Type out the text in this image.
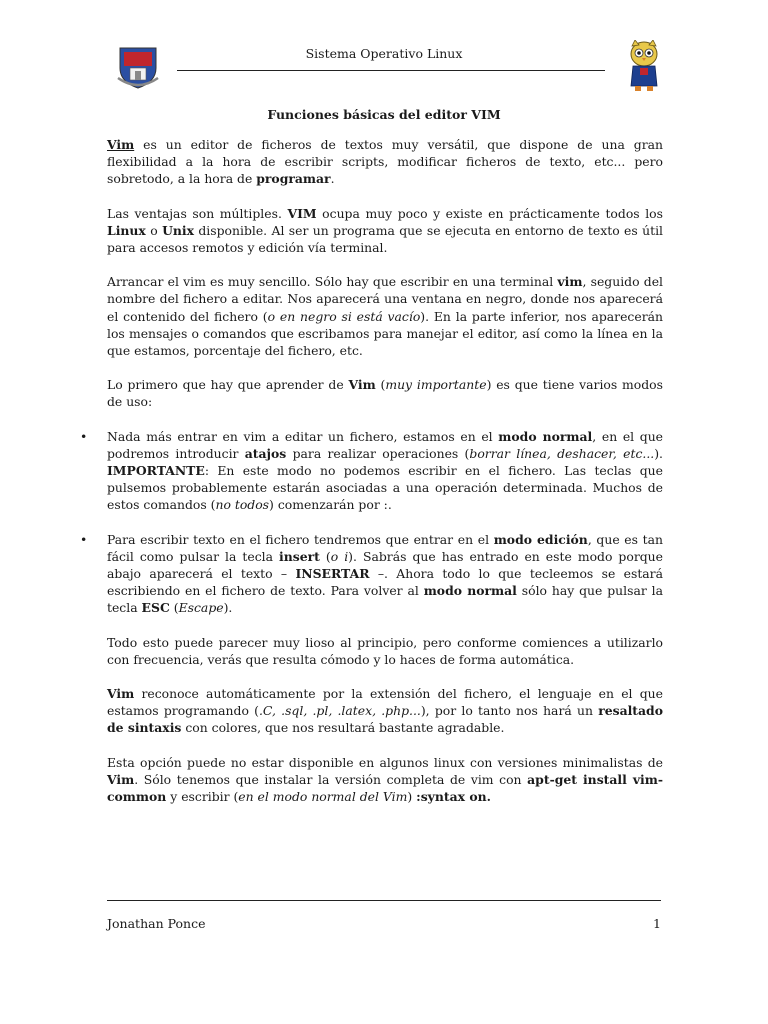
Sistema Operativo Linux
Funciones básicas del editor VIM

Vim es un editor de ficheros de textos muy versátil, que dispone de una gran flexibilidad a la hora de escribir scripts, modificar ficheros de texto, etc... pero sobretodo, a la hora de programar.

Las ventajas son múltiples. VIM ocupa muy poco y existe en prácticamente todos los Linux o Unix disponible. Al ser un programa que se ejecuta en entorno de texto es útil para accesos remotos y edición vía terminal.

Arrancar el vim es muy sencillo. Sólo hay que escribir en una terminal vim, seguido del nombre del fichero a editar. Nos aparecerá una ventana en negro, donde nos aparecerá el contenido del fichero (o en negro si está vacío). En la parte inferior, nos aparecerán los mensajes o comandos que escribamos para manejar el editor, así como la línea en la que estamos, porcentaje del fichero, etc.

Lo primero que hay que aprender de Vim (muy importante) es que tiene varios modos de uso:

• Nada más entrar en vim a editar un fichero, estamos en el modo normal, en el que podremos introducir atajos para realizar operaciones (borrar línea, deshacer, etc...). IMPORTANTE: En este modo no podemos escribir en el fichero. Las teclas que pulsemos probablemente estarán asociadas a una operación determinada. Muchos de estos comandos (no todos) comenzarán por :.
• Para escribir texto en el fichero tendremos que entrar en el modo edición, que es tan fácil como pulsar la tecla insert (o i). Sabrás que has entrado en este modo porque abajo aparecerá el texto – INSERTAR –. Ahora todo lo que tecleemos se estará escribiendo en el fichero de texto. Para volver al modo normal sólo hay que pulsar la tecla ESC (Escape).

Todo esto puede parecer muy lioso al principio, pero conforme comiences a utilizarlo con frecuencia, verás que resulta cómodo y lo haces de forma automática.

Vim reconoce automáticamente por la extensión del fichero, el lenguaje en el que estamos programando (.C, .sql, .pl, .latex, .php...), por lo tanto nos hará un resaltado de sintaxis con colores, que nos resultará bastante agradable.

Esta opción puede no estar disponible en algunos linux con versiones minimalistas de Vim. Sólo tenemos que instalar la versión completa de vim con apt-get install vim-common y escribir (en el modo normal del Vim) :syntax on.

Jonathan Ponce	1
